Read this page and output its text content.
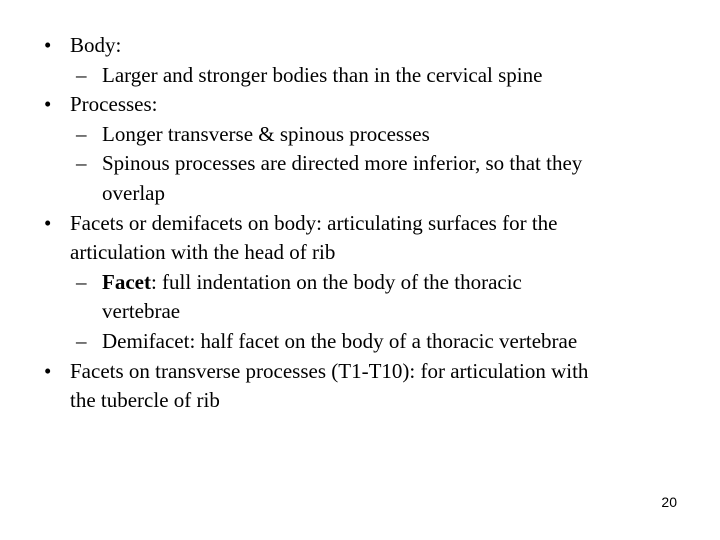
• Body:
– Larger and stronger bodies than in the cervical spine
• Processes:
– Longer transverse & spinous processes
– Spinous processes are directed more inferior, so that they
overlap
• Facets or demifacets on body: articulating surfaces for the
articulation with the head of rib
– Facet: full indentation on the body of the thoracic
vertebrae
– Demifacet: half facet on the body of a thoracic vertebrae
• Facets on transverse processes (T1-T10): for articulation with
the tubercle of rib
20
